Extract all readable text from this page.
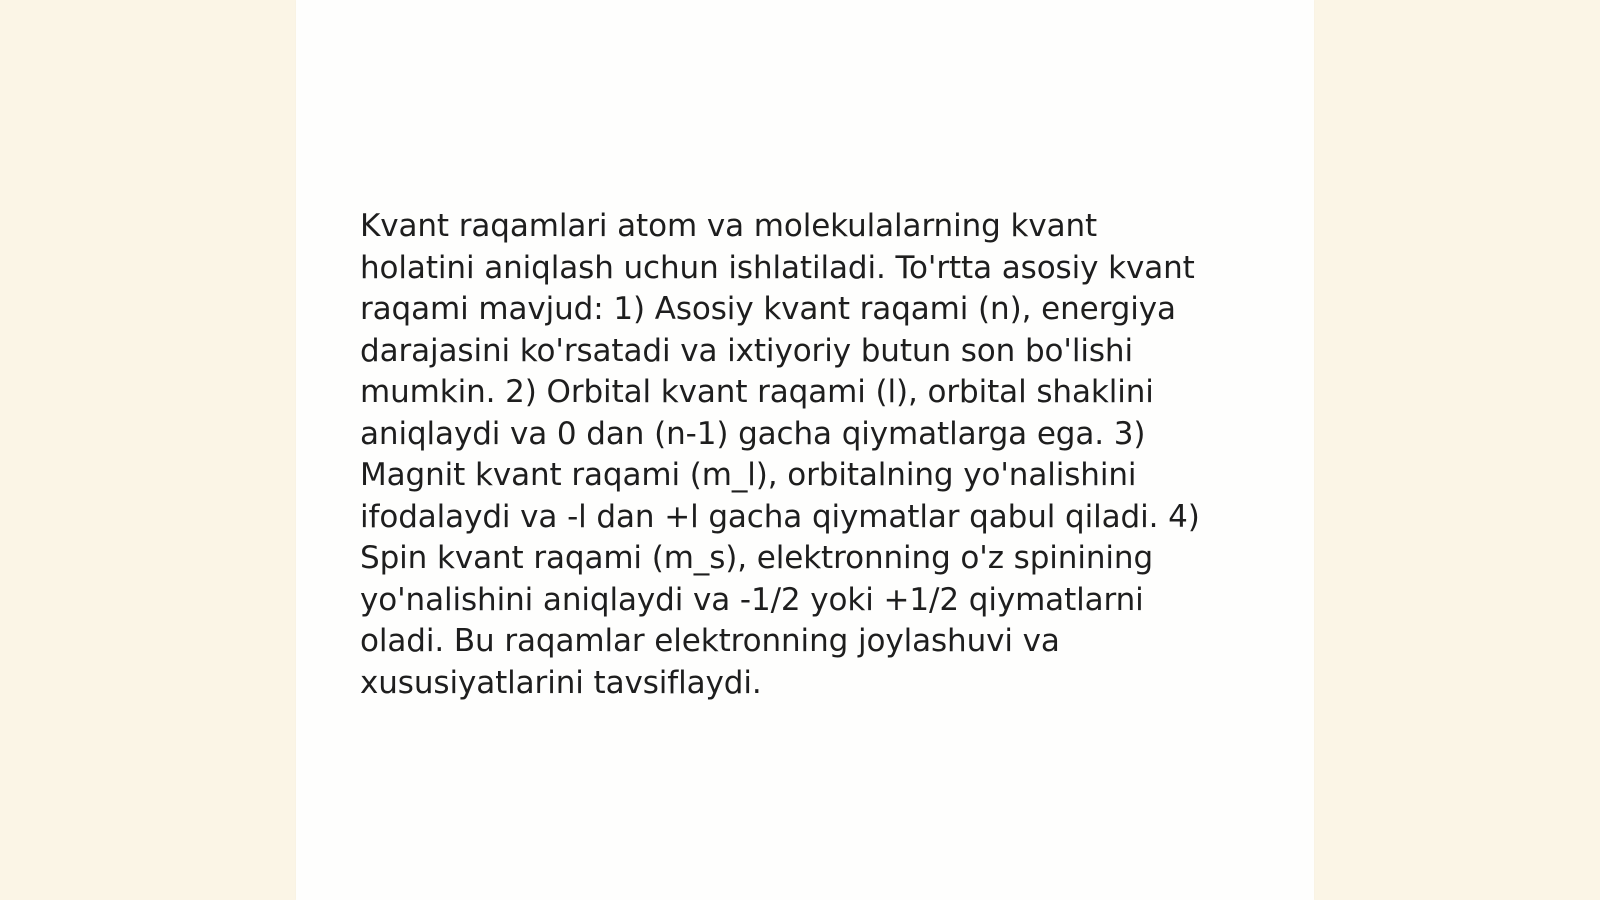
Kvant raqamlari atom va molekulalarning kvant
holatini aniqlash uchun ishlatiladi. To'rtta asosiy kvant
raqami mavjud: 1) Asosiy kvant raqami (n), energiya
darajasini ko'rsatadi va ixtiyoriy butun son bo'lishi
mumkin. 2) Orbital kvant raqami (l), orbital shaklini
aniqlaydi va 0 dan (n-1) gacha qiymatlarga ega. 3)
Magnit kvant raqami (m_l), orbitalning yo'nalishini
ifodalaydi va -l dan +l gacha qiymatlar qabul qiladi. 4)
Spin kvant raqami (m_s), elektronning o'z spinining
yo'nalishini aniqlaydi va -1/2 yoki +1/2 qiymatlarni
oladi. Bu raqamlar elektronning joylashuvi va
xususiyatlarini tavsiflaydi.
